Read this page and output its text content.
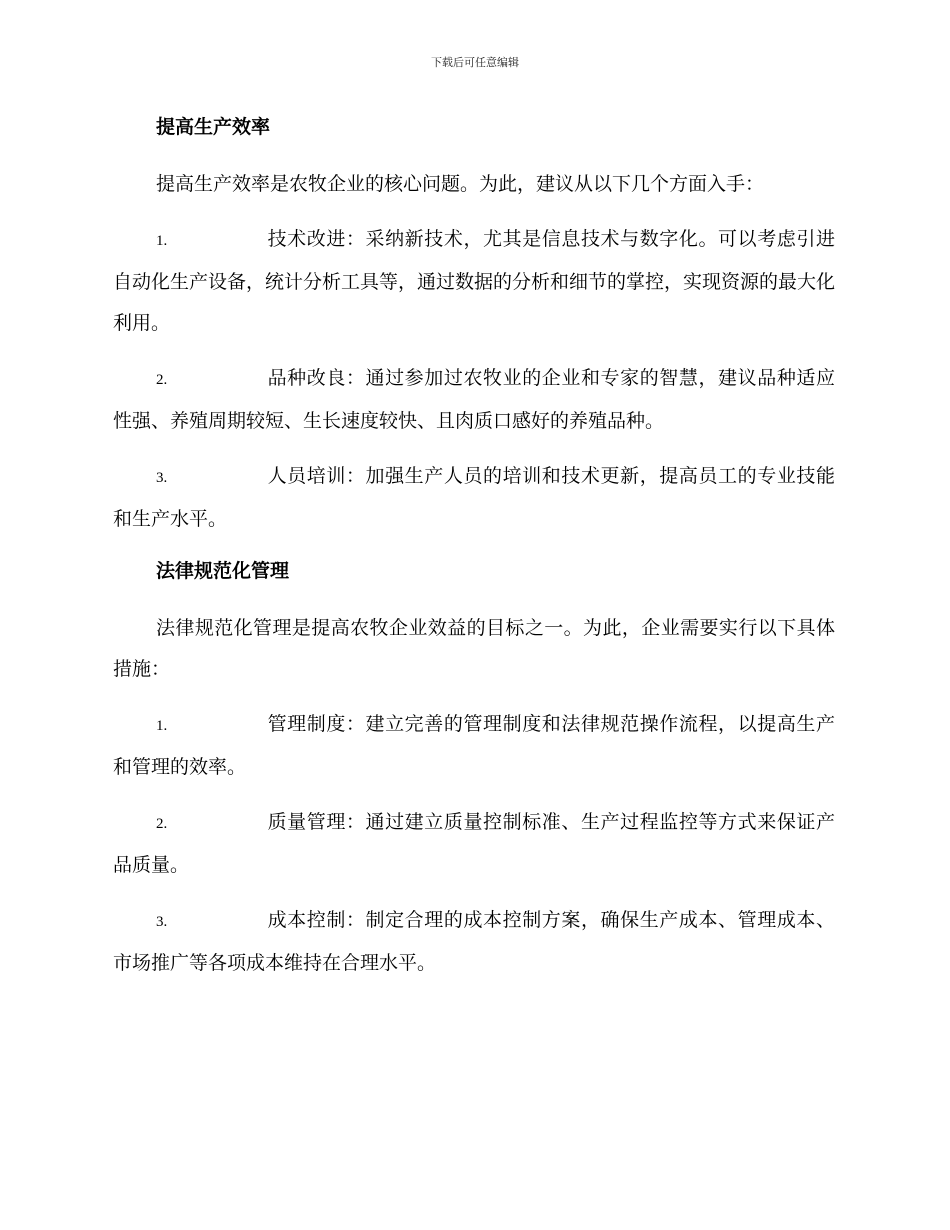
下载后可任意编辑
提高生产效率

提高生产效率是农牧企业的核心问题。为此，建议从以下几个方面入手：

1.	技术改进：采纳新技术，尤其是信息技术与数字化。可以考虑引进自动化生产设备，统计分析工具等，通过数据的分析和细节的掌控，实现资源的最大化利用。

2.	品种改良：通过参加过农牧业的企业和专家的智慧，建议品种适应性强、养殖周期较短、生长速度较快、且肉质口感好的养殖品种。

3.	人员培训：加强生产人员的培训和技术更新，提高员工的专业技能和生产水平。

法律规范化管理

法律规范化管理是提高农牧企业效益的目标之一。为此，企业需要实行以下具体措施：

1.	管理制度：建立完善的管理制度和法律规范操作流程，以提高生产和管理的效率。

2.	质量管理：通过建立质量控制标准、生产过程监控等方式来保证产品质量。

3.	成本控制：制定合理的成本控制方案，确保生产成本、管理成本、市场推广等各项成本维持在合理水平。
